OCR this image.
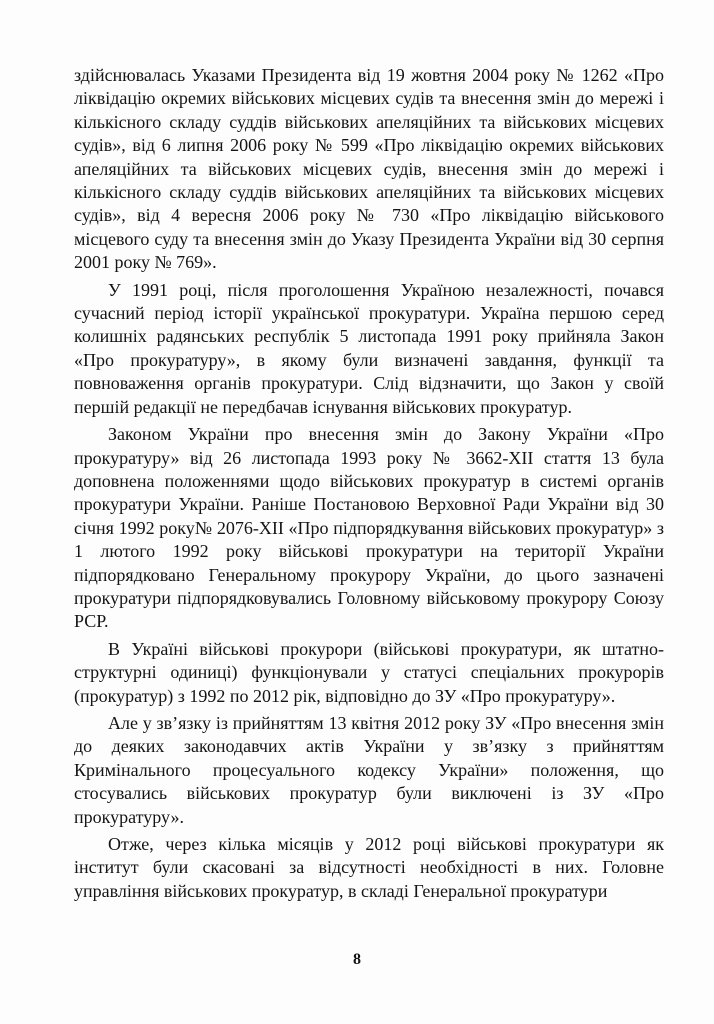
здійснювалась Указами Президента від 19 жовтня 2004 року № 1262 «Про ліквідацію окремих військових місцевих судів та внесення змін до мережі і кількісного складу суддів військових апеляційних та військових місцевих судів», від 6 липня 2006 року № 599 «Про ліквідацію окремих військових апеляційних та військових місцевих судів, внесення змін до мережі і кількісного складу суддів військових апеляційних та військових місцевих судів», від 4 вересня 2006 року № 730 «Про ліквідацію військового місцевого суду та внесення змін до Указу Президента України від 30 серпня 2001 року № 769».

У 1991 році, після проголошення Україною незалежності, почався сучасний період історії української прокуратури. Україна першою серед колишніх радянських республік 5 листопада 1991 року прийняла Закон «Про прокуратуру», в якому були визначені завдання, функції та повноваження органів прокуратури. Слід відзначити, що Закон у своїй першій редакції не передбачав існування військових прокуратур.

Законом України про внесення змін до Закону України «Про прокуратуру» від 26 листопада 1993 року № 3662-XII стаття 13 була доповнена положеннями щодо військових прокуратур в системі органів прокуратури України. Раніше Постановою Верховної Ради України від 30 січня 1992 року№ 2076-XII «Про підпорядкування військових прокуратур» з 1 лютого 1992 року військові прокуратури на території України підпорядковано Генеральному прокурору України, до цього зазначені прокуратури підпорядковувались Головному військовому прокурору Союзу РСР.

В Україні військові прокурори (військові прокуратури, як штатно-структурні одиниці) функціонували у статусі спеціальних прокурорів (прокуратур) з 1992 по 2012 рік, відповідно до ЗУ «Про прокуратуру».

Але у зв’язку із прийняттям 13 квітня 2012 року ЗУ «Про внесення змін до деяких законодавчих актів України у зв’язку з прийняттям Кримінального процесуального кодексу України» положення, що стосувались військових прокуратур були виключені із ЗУ «Про прокуратуру».

Отже, через кілька місяців у 2012 році військові прокуратури як інститут були скасовані за відсутності необхідності в них. Головне управління військових прокуратур, в складі Генеральної прокуратури

8
